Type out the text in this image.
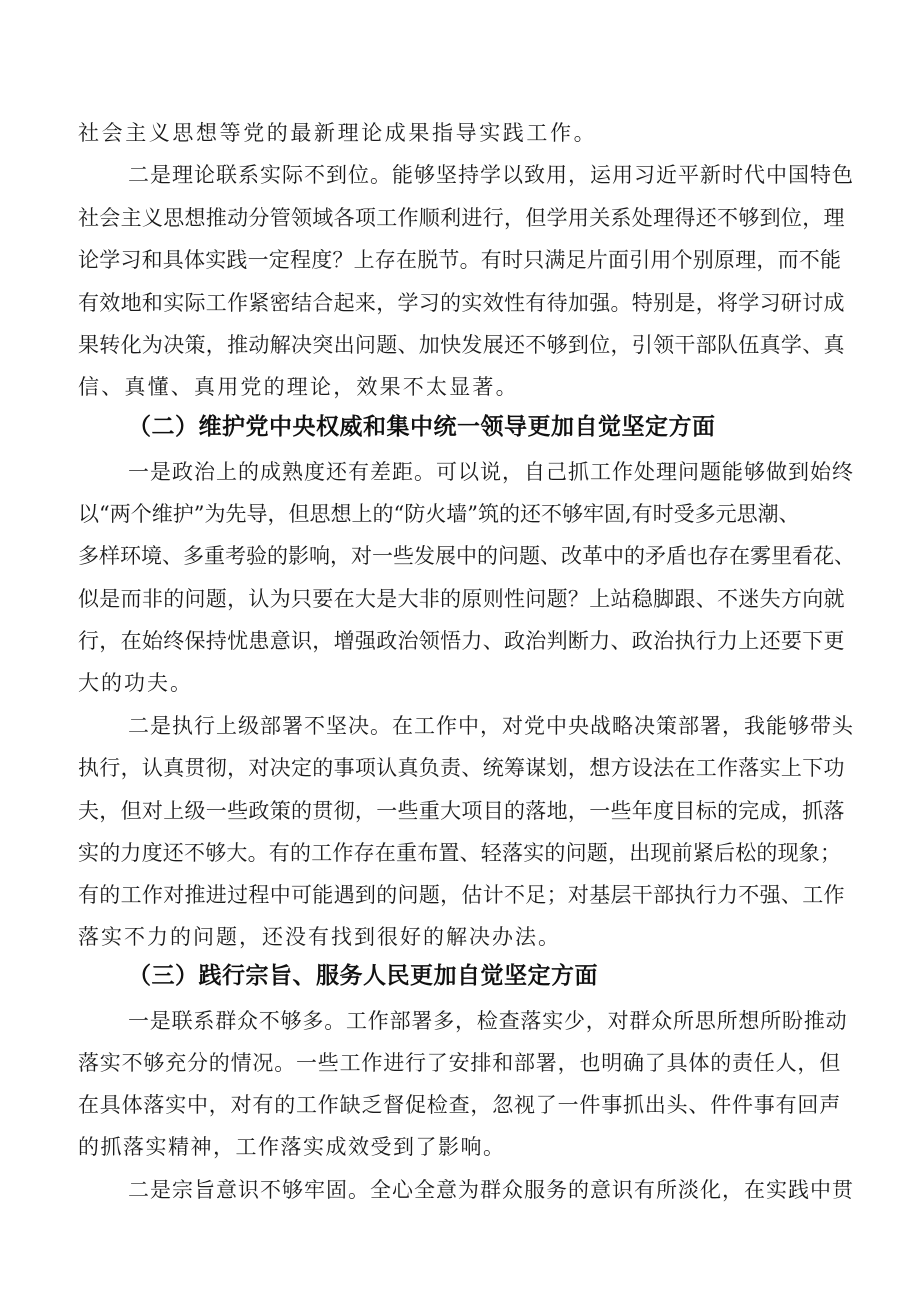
社会主义思想等党的最新理论成果指导实践工作。
二是理论联系实际不到位。能够坚持学以致用，运用习近平新时代中国特色
社会主义思想推动分管领域各项工作顺利进行，但学用关系处理得还不够到位，理
论学习和具体实践一定程度？上存在脱节。有时只满足片面引用个别原理，而不能
有效地和实际工作紧密结合起来，学习的实效性有待加强。特别是，将学习研讨成
果转化为决策，推动解决突出问题、加快发展还不够到位，引领干部队伍真学、真
信、真懂、真用党的理论，效果不太显著。
（二）维护党中央权威和集中统一领导更加自觉坚定方面
一是政治上的成熟度还有差距。可以说，自己抓工作处理问题能够做到始终
以“两个维护”为先导，但思想上的“防火墙”筑的还不够牢固,有时受多元思潮、
多样环境、多重考验的影响，对一些发展中的问题、改革中的矛盾也存在雾里看花、
似是而非的问题，认为只要在大是大非的原则性问题？上站稳脚跟、不迷失方向就
行，在始终保持忧患意识，增强政治领悟力、政治判断力、政治执行力上还要下更
大的功夫。
二是执行上级部署不坚决。在工作中，对党中央战略决策部署，我能够带头
执行，认真贯彻，对决定的事项认真负责、统筹谋划，想方设法在工作落实上下功
夫，但对上级一些政策的贯彻，一些重大项目的落地，一些年度目标的完成，抓落
实的力度还不够大。有的工作存在重布置、轻落实的问题，出现前紧后松的现象；
有的工作对推进过程中可能遇到的问题，估计不足；对基层干部执行力不强、工作
落实不力的问题，还没有找到很好的解决办法。
（三）践行宗旨、服务人民更加自觉坚定方面
一是联系群众不够多。工作部署多，检查落实少，对群众所思所想所盼推动
落实不够充分的情况。一些工作进行了安排和部署，也明确了具体的责任人，但
在具体落实中，对有的工作缺乏督促检查，忽视了一件事抓出头、件件事有回声
的抓落实精神，工作落实成效受到了影响。
二是宗旨意识不够牢固。全心全意为群众服务的意识有所淡化，在实践中贯
